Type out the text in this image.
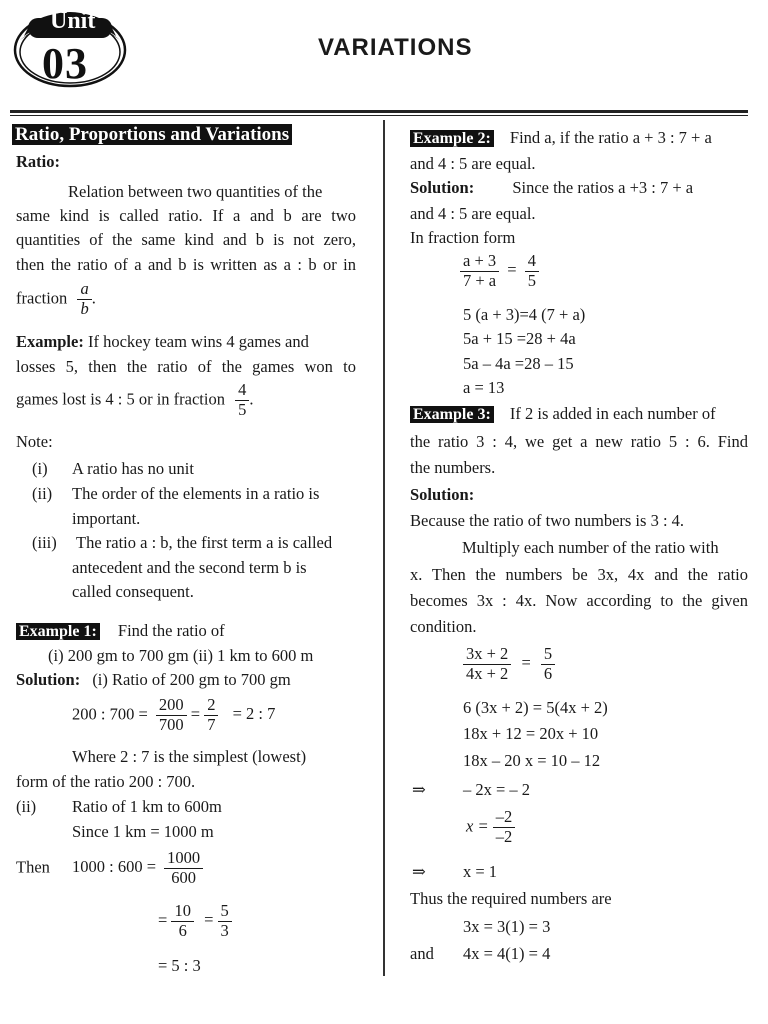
Unit
03	VARIATIONS
Ratio, Proportions and Variations
Ratio:
Relation between two quantities of the
same kind is called ratio. If a and b are two
quantities of the same kind and b is not zero,
then the ratio of a and b is written as a : b or in
fraction $\frac{a}{b}$ .
Example: If hockey team wins 4 games and
losses 5, then the ratio of the games won to
games lost is 4 : 5 or in fraction $\frac{4}{5}$ .
Note:
(i) A ratio has no unit
(ii) The order of the elements in a ratio is
important.
(iii) The ratio a : b, the first term a is called
antecedent and the second term b is
called consequent.
Example 1: Find the ratio of
(i) 200 gm to 700 gm (ii) 1 km to 600 m
Solution: (i) Ratio of 200 gm to 700 gm
200 : $700 = \frac{200}{700} = \frac{2}{7} = 2$ : 7
Where 2 : 7 is the simplest (lowest)
form of the ratio 200 : 700.
(ii) Ratio of 1 km to 600m
Since 1 km = 1000 m
Then 1000 : $600 = \frac{1000}{600}$
= $\frac{10}{6} = \frac{5}{3}$
= 5 : 3
Example 2: Find a, if the ratio a + 3 : 7 + a
and 4 : 5 are equal.
Solution: Since the ratios a +3 : 7 + a
and 4 : 5 are equal.
In fraction form
$\frac{a + 3}{7 + a} = \frac{4}{5}$
5 (a + 3)=4 (7 + a)
5a + 15 =28 + 4a
5a – 4a =28 – 15
a = 13
Example 3: If 2 is added in each number of
the ratio 3 : 4, we get a new ratio 5 : 6. Find
the numbers.
Solution:
Because the ratio of two numbers is 3 : 4.
Multiply each number of the ratio with
x. Then the numbers be 3x, 4x and the ratio
becomes 3x : 4x. Now according to the given
condition.
$\frac{3x + 2}{4x + 2} = \frac{5}{6}$
6 (3x + 2) = 5(4x + 2)
18x + 12 = 20x + 10
18x – 20 x = 10 – 12
⇒ – 2x = – 2
$x = \frac{-2}{-2}$
⇒ x = 1
Thus the required numbers are
3x = 3(1) = 3
and 4x = 4(1) = 4
